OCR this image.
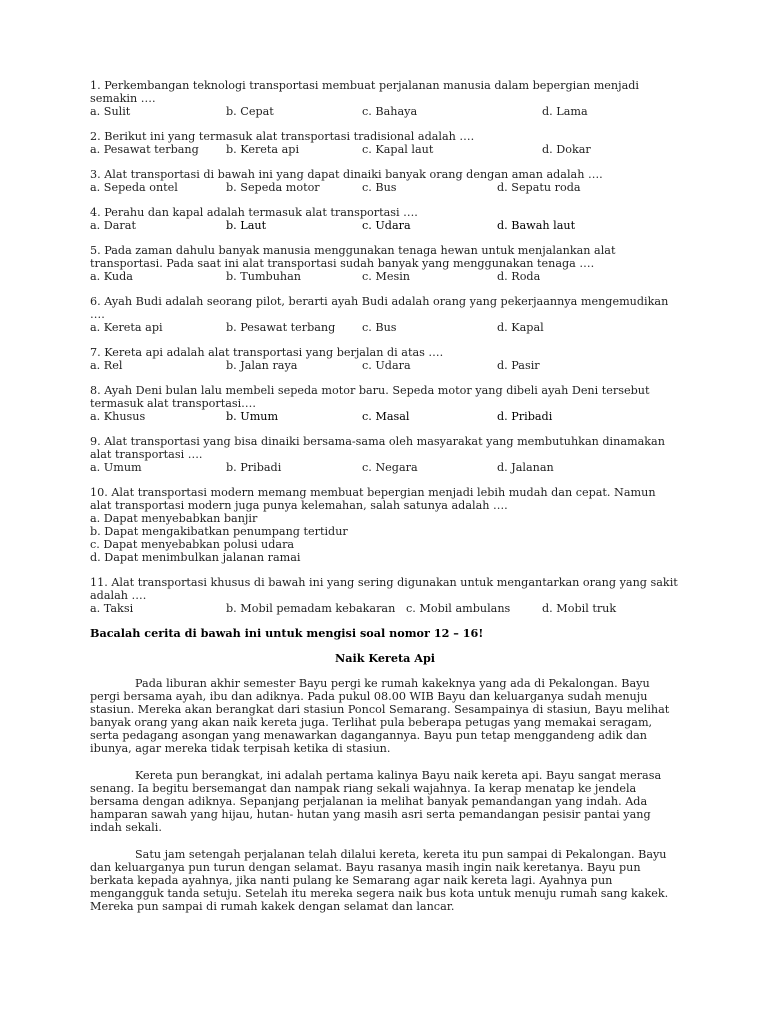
1. Perkembangan teknologi transportasi membuat perjalanan manusia dalam bepergian menjadi semakin ….

a. Sulit	b. Cepat	c. Bahaya	d. Lama

2. Berikut ini yang termasuk alat transportasi tradisional adalah ….

a. Pesawat terbang b. Kereta api	c. Kapal laut	d. Dokar

3. Alat transportasi di bawah ini yang dapat dinaiki banyak orang dengan aman adalah ….

a. Sepeda ontel	b. Sepeda motor	c. Bus	d. Sepatu roda

4. Perahu dan kapal adalah termasuk alat transportasi ….

a. Darat	b. Laut	c. Udara	d. Bawah laut

5. Pada zaman dahulu banyak manusia menggunakan tenaga hewan untuk menjalankan alat transportasi. Pada saat ini alat transportasi sudah banyak yang menggunakan tenaga ….

a. Kuda	b. Tumbuhan	c. Mesin	d. Roda

6. Ayah Budi adalah seorang pilot, berarti ayah Budi adalah orang yang pekerjaannya mengemudikan ….

a. Kereta api	b. Pesawat terbang c. Bus	d. Kapal

7. Kereta api adalah alat transportasi yang berjalan di atas ….

a. Rel	b. Jalan raya	c. Udara	d. Pasir

8. Ayah Deni bulan lalu membeli sepeda motor baru. Sepeda motor yang dibeli ayah Deni tersebut termasuk alat transportasi….

a. Khusus	b. Umum	c. Masal	d. Pribadi

9. Alat transportasi yang bisa dinaiki bersama-sama oleh masyarakat yang membutuhkan dinamakan alat transportasi ….

a. Umum	b. Pribadi	c. Negara	d. Jalanan

10. Alat transportasi modern memang membuat bepergian menjadi lebih mudah dan cepat. Namun alat transportasi modern juga punya kelemahan, salah satunya adalah ….

a. Dapat menyebabkan banjir
b. Dapat mengakibatkan penumpang tertidur
c. Dapat menyebabkan polusi udara
d. Dapat menimbulkan jalanan ramai

11. Alat transportasi khusus di bawah ini yang sering digunakan untuk mengantarkan orang yang sakit adalah ….

a. Taksi	b. Mobil pemadam kebakaran c. Mobil ambulans	d. Mobil truk
Bacalah cerita di bawah ini untuk mengisi soal nomor 12 – 16!
Naik Kereta Api

Pada liburan akhir semester Bayu pergi ke rumah kakeknya yang ada di Pekalongan. Bayu pergi bersama ayah, ibu dan adiknya. Pada pukul 08.00 WIB Bayu dan keluarganya sudah menuju stasiun. Mereka akan berangkat dari stasiun Poncol Semarang. Sesampainya di stasiun, Bayu melihat banyak orang yang akan naik kereta juga. Terlihat pula beberapa petugas yang memakai seragam, serta pedagang asongan yang menawarkan dagangannya. Bayu pun tetap menggandeng adik dan ibunya, agar mereka tidak terpisah ketika di stasiun.

Kereta pun berangkat, ini adalah pertama kalinya Bayu naik kereta api. Bayu sangat merasa senang. Ia begitu bersemangat dan nampak riang sekali wajahnya. Ia kerap menatap ke jendela bersama dengan adiknya. Sepanjang perjalanan ia melihat banyak pemandangan yang indah. Ada hamparan sawah yang hijau, hutan- hutan yang masih asri serta pemandangan pesisir pantai yang indah sekali.

Satu jam setengah perjalanan telah dilalui kereta, kereta itu pun sampai di Pekalongan. Bayu dan keluarganya pun turun dengan selamat. Bayu rasanya masih ingin naik keretanya. Bayu pun berkata kepada ayahnya, jika nanti pulang ke Semarang agar naik kereta lagi. Ayahnya pun mengangguk tanda setuju. Setelah itu mereka segera naik bus kota untuk menuju rumah sang kakek. Mereka pun sampai di rumah kakek dengan selamat dan lancar.
